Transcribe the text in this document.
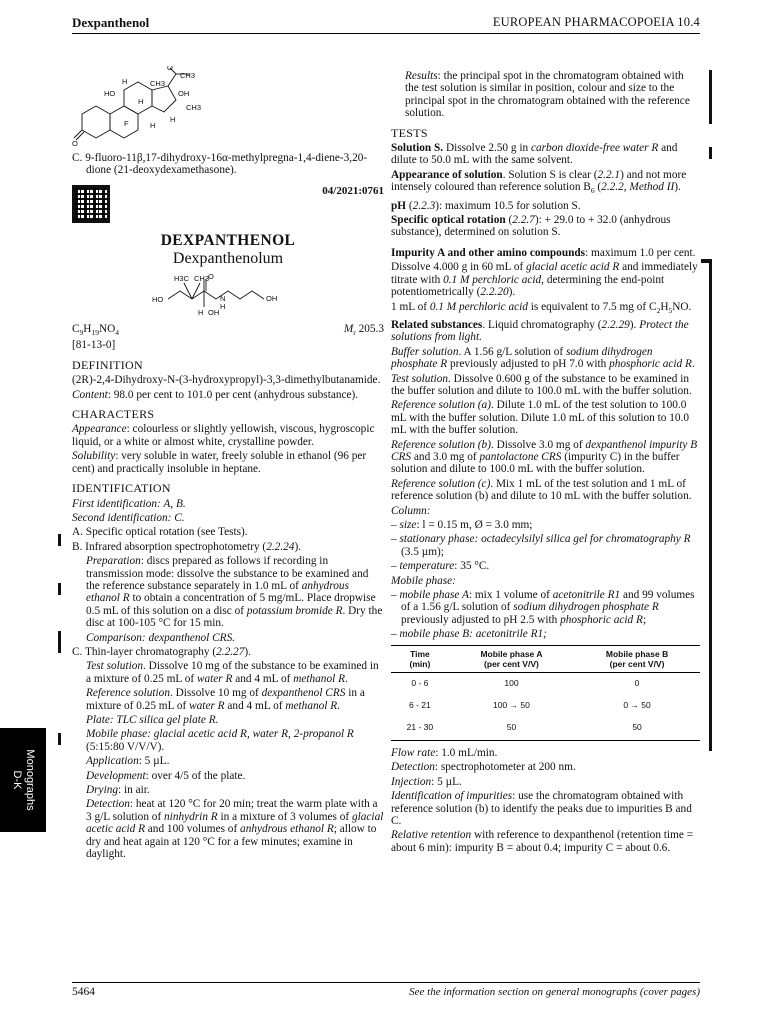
Dexpanthenol	EUROPEAN PHARMACOPOEIA 10.4
O
O
CH3
H
HO
CH3
OH
CH3
H
H
F	H

C. 9-fluoro-11β,17-dihydroxy-16α-methylpregna-1,4-diene-3,20-dione (21-deoxydexamethasone).

04/2021:0761

DEXPANTHENOL

Dexpanthenolum

H3C CH3
O
HO	N
H
OH
H OH
$C_9H_{19}NO_4$	$M_r$ 205.3

[81-13-0]

DEFINITION

(2R)-2,4-Dihydroxy-N-(3-hydroxypropyl)-3,3-dimethylbutanamide.

Content: 98.0 per cent to 101.0 per cent (anhydrous substance).

CHARACTERS

Appearance: colourless or slightly yellowish, viscous, hygroscopic liquid, or a white or almost white, crystalline powder.

Solubility: very soluble in water, freely soluble in ethanol (96 per cent) and practically insoluble in heptane.

IDENTIFICATION

First identification: A, B.

Second identification: C.

A. Specific optical rotation (see Tests).

B. Infrared absorption spectrophotometry (2.2.24).

Preparation: discs prepared as follows if recording in transmission mode: dissolve the substance to be examined and the reference substance separately in 1.0 mL of anhydrous ethanol R to obtain a concentration of 5 mg/mL. Place dropwise 0.5 mL of this solution on a disc of potassium bromide R. Dry the disc at 100-105 °C for 15 min.

Comparison: dexpanthenol CRS.

C. Thin-layer chromatography (2.2.27).

Test solution. Dissolve 10 mg of the substance to be examined in a mixture of 0.25 mL of water R and 4 mL of methanol R.

Reference solution. Dissolve 10 mg of dexpanthenol CRS in a mixture of 0.25 mL of water R and 4 mL of methanol R.

Plate: TLC silica gel plate R.

Mobile phase: glacial acetic acid R, water R, 2-propanol R (5:15:80 V/V/V).

Application: 5 µL.

Development: over 4/5 of the plate.

Drying: in air.

Detection: heat at 120 °C for 20 min; treat the warm plate with a 3 g/L solution of ninhydrin R in a mixture of 3 volumes of glacial acetic acid R and 100 volumes of anhydrous ethanol R; allow to dry and heat again at 120 °C for a few minutes; examine in daylight.

Results: the principal spot in the chromatogram obtained with the test solution is similar in position, colour and size to the principal spot in the chromatogram obtained with the reference solution.

TESTS

Solution S. Dissolve 2.50 g in carbon dioxide-free water R and dilute to 50.0 mL with the same solvent.

Appearance of solution. Solution S is clear (2.2.1) and not more intensely coloured than reference solution $B_6$ (2.2.2, Method II).

pH (2.2.3): maximum 10.5 for solution S.

Specific optical rotation (2.2.7): + 29.0 to + 32.0 (anhydrous substance), determined on solution S.

Impurity A and other amino compounds: maximum 1.0 per cent.

Dissolve 4.000 g in 60 mL of glacial acetic acid R and immediately titrate with 0.1 M perchloric acid, determining the end-point potentiometrically (2.2.20).

1 mL of 0.1 M perchloric acid is equivalent to 7.5 mg of $C_2H_5NO$.

Related substances. Liquid chromatography (2.2.29). Protect the solutions from light.

Buffer solution. A 1.56 g/L solution of sodium dihydrogen phosphate R previously adjusted to pH 7.0 with phosphoric acid R.

Test solution. Dissolve 0.600 g of the substance to be examined in the buffer solution and dilute to 100.0 mL with the buffer solution.

Reference solution (a). Dilute 1.0 mL of the test solution to 100.0 mL with the buffer solution. Dilute 1.0 mL of this solution to 10.0 mL with the buffer solution.

Reference solution (b). Dissolve 3.0 mg of dexpanthenol impurity B CRS and 3.0 mg of pantolactone CRS (impurity C) in the buffer solution and dilute to 100.0 mL with the buffer solution.

Reference solution (c). Mix 1 mL of the test solution and 1 mL of reference solution (b) and dilute to 10 mL with the buffer solution.

Column:

– size: l = 0.15 m, Ø = 3.0 mm;

– stationary phase: octadecylsilyl silica gel for chromatography R (3.5 µm);

– temperature: 35 °C.

Mobile phase:

– mobile phase A: mix 1 volume of acetonitrile R1 and 99 volumes of a 1.56 g/L solution of sodium dihydrogen phosphate R previously adjusted to pH 2.5 with phosphoric acid R;

– mobile phase B: acetonitrile R1;

Time
(min)	Mobile phase A
(per cent V/V)	Mobile phase B
(per cent V/V)
0 - 6	100	0
6 - 21	100 → 50	0 → 50
21 - 30	50	50

Flow rate: 1.0 mL/min.

Detection: spectrophotometer at 200 nm.

Injection: 5 µL.

Identification of impurities: use the chromatogram obtained with reference solution (b) to identify the peaks due to impurities B and C.

Relative retention with reference to dexpanthenol (retention time = about 6 min): impurity B = about 0.4; impurity C = about 0.6.

Monographs
D-K
5464	See the information section on general monographs (cover pages)
